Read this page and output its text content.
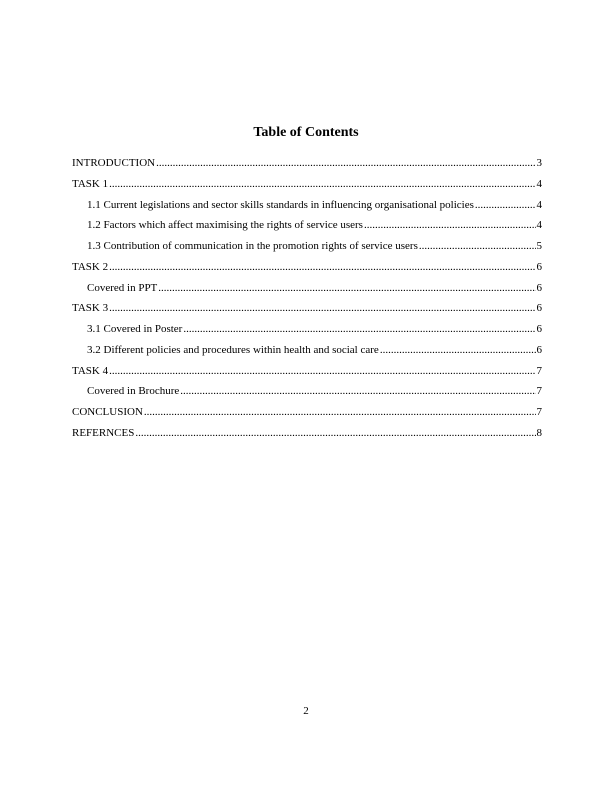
Table of Contents
INTRODUCTION .....	3
TASK 1 .....	4
1.1 Current legislations and sector skills standards in influencing organisational policies .....	4
1.2 Factors which affect maximising the rights of service users .....	4
1.3 Contribution of communication in the promotion rights of service users .....	5
TASK 2 .....	6
Covered in PPT .....	6
TASK 3 .....	6
3.1 Covered in Poster .....	6
3.2 Different policies and procedures within health and social care .....	6
TASK 4 .....	7
Covered in Brochure .....	7
CONCLUSION .....	7
REFERNCES .....	8
2
